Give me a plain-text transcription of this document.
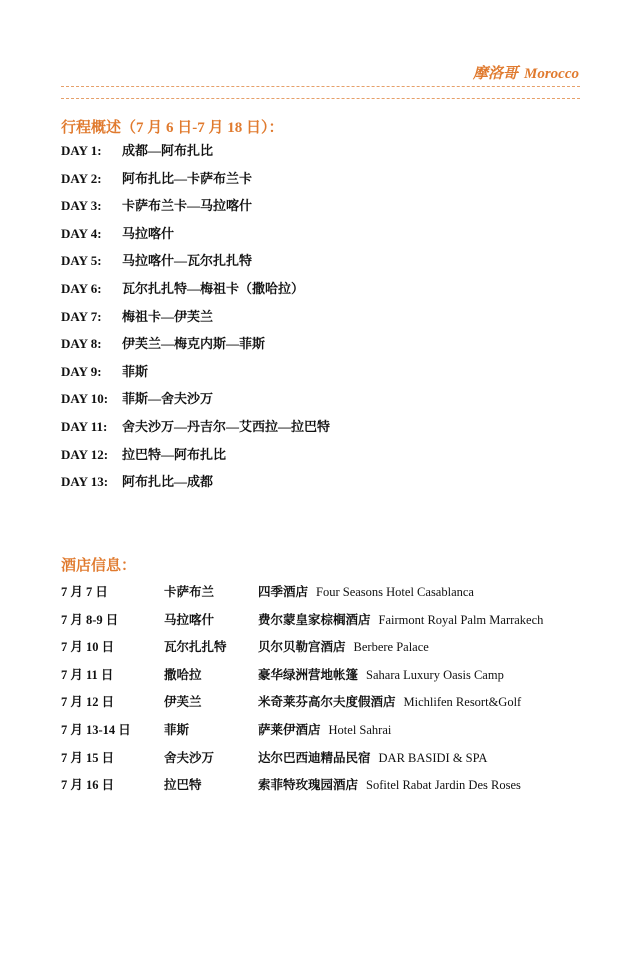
摩洛哥 Morocco
行程概述（7 月 6 日-7 月 18 日）：
DAY 1: 成都—阿布扎比
DAY 2: 阿布扎比—卡萨布兰卡
DAY 3: 卡萨布兰卡—马拉喀什
DAY 4: 马拉喀什
DAY 5: 马拉喀什—瓦尔扎扎特
DAY 6: 瓦尔扎扎特—梅祖卡（撒哈拉）
DAY 7: 梅祖卡—伊芙兰
DAY 8: 伊芙兰—梅克内斯—菲斯
DAY 9: 菲斯
DAY 10: 菲斯—舍夫沙万
DAY 11: 舍夫沙万—丹吉尔—艾西拉—拉巴特
DAY 12: 拉巴特—阿布扎比
DAY 13: 阿布扎比—成都
酒店信息：
7 月 7 日	卡萨布兰	四季酒店 Four Seasons Hotel Casablanca
7 月 8-9 日	马拉喀什	费尔蒙皇家棕榈酒店 Fairmont Royal Palm Marrakech
7 月 10 日	瓦尔扎扎特	贝尔贝勒宫酒店 Berbere Palace
7 月 11 日	撒哈拉	豪华绿洲营地帐篷 Sahara Luxury Oasis Camp
7 月 12 日	伊芙兰	米奇莱芬高尔夫度假酒店 Michlifen Resort&Golf
7 月 13-14 日	菲斯	萨莱伊酒店 Hotel Sahrai
7 月 15 日	舍夫沙万	达尔巴西迪精品民宿 DAR BASIDI & SPA
7 月 16 日	拉巴特	索菲特玫瑰园酒店 Sofitel Rabat Jardin Des Roses
